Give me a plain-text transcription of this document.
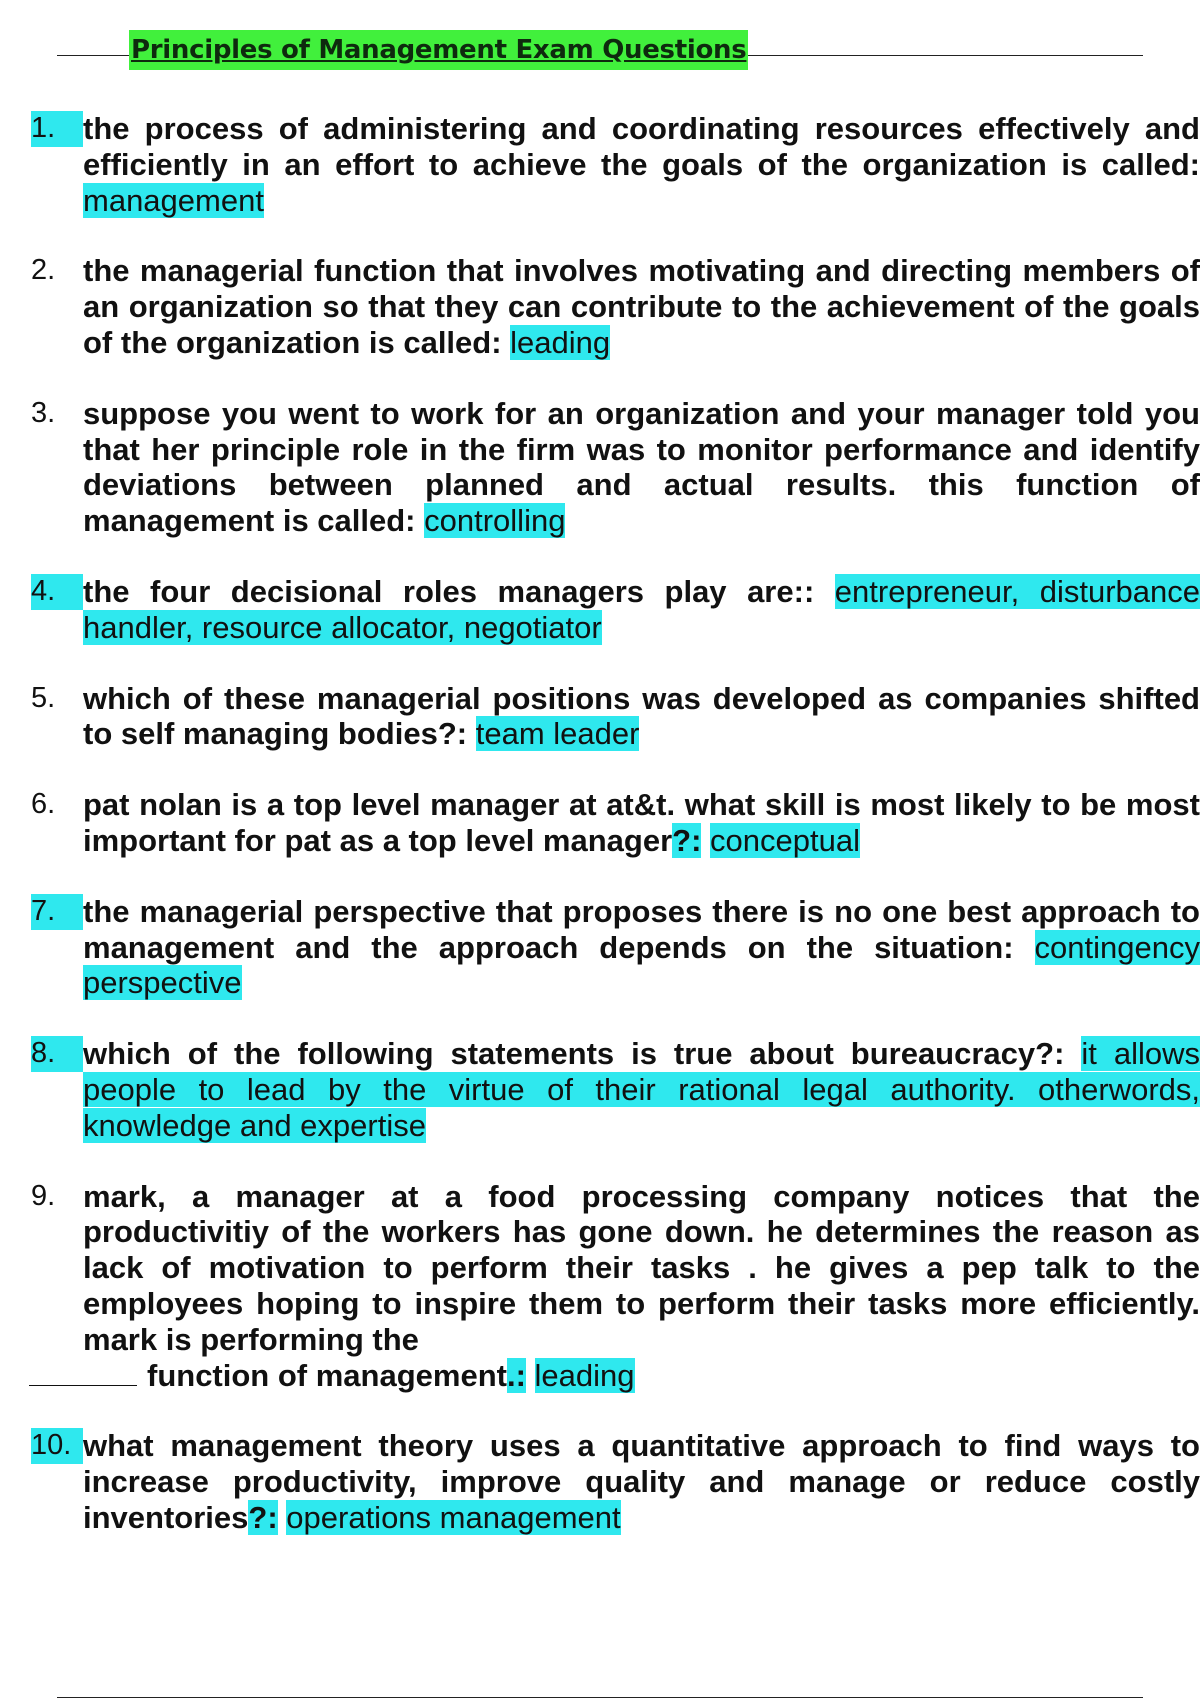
Principles of Management Exam Questions
1. the process of administering and coordinating resources effectively and efficiently in an effort to achieve the goals of the organization is called: management
2. the managerial function that involves motivating and directing members of an organization so that they can contribute to the achievement of the goals of the organization is called: leading
3. suppose you went to work for an organization and your manager told you that her principle role in the firm was to monitor performance and identify deviations between planned and actual results. this function of management is called: controlling
4. the four decisional roles managers play are:: entrepreneur, disturbance handler, resource allocator, negotiator
5. which of these managerial positions was developed as companies shifted to self managing bodies?: team leader
6. pat nolan is a top level manager at at&t. what skill is most likely to be most important for pat as a top level manager?: conceptual
7. the managerial perspective that proposes there is no one best approach to management and the approach depends on the situation: contingency perspective
8. which of the following statements is true about bureaucracy?: it allows people to lead by the virtue of their rational legal authority. otherwords, knowledge and expertise
9. mark, a manager at a food processing company notices that the productivitiy of the workers has gone down. he determines the reason as lack of motivation to perform their tasks . he gives a pep talk to the employees hoping to inspire them to perform their tasks more efficiently. mark is performing the
function of management.: leading
10. what management theory uses a quantitative approach to find ways to increase productivity, improve quality and manage or reduce costly inventories?: operations management
